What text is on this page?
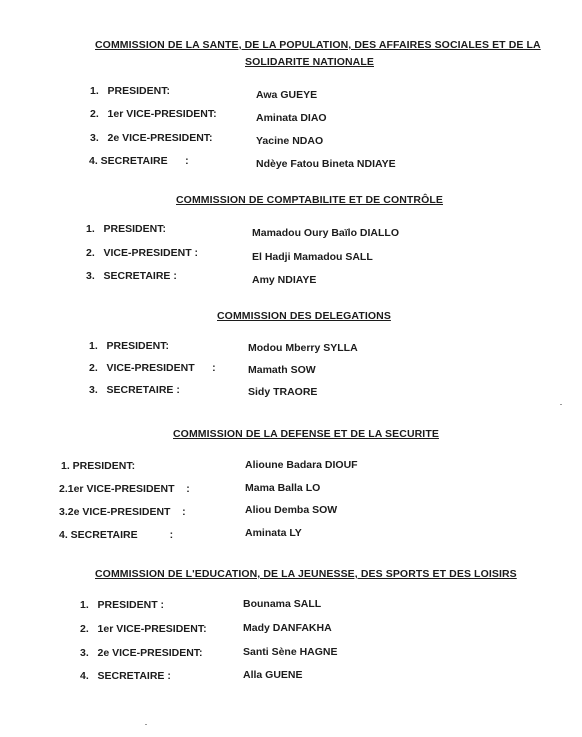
COMMISSION DE LA SANTE, DE LA POPULATION, DES AFFAIRES SOCIALES ET DE LA
SOLIDARITE NATIONALE
1.   PRESIDENT:	Awa GUEYE
2.   1er VICE-PRESIDENT:	Aminata DIAO
3.   2e VICE-PRESIDENT:	Yacine NDAO
4. SECRETAIRE      :	Ndèye Fatou Bineta NDIAYE
COMMISSION DE COMPTABILITE ET DE CONTRÔLE
1.   PRESIDENT:	Mamadou Oury Baïlo DIALLO
2.   VICE-PRESIDENT :	El Hadji Mamadou SALL
3.   SECRETAIRE :	Amy NDIAYE
COMMISSION DES DELEGATIONS
1.   PRESIDENT:	Modou Mberry SYLLA
2.   VICE-PRESIDENT      :	Mamath SOW
3.   SECRETAIRE :	Sidy TRAORE
COMMISSION DE LA DEFENSE ET DE LA SECURITE
1. PRESIDENT:	Alioune Badara DIOUF
2.1er VICE-PRESIDENT    :	Mama Balla LO
3.2e VICE-PRESIDENT    :	Aliou Demba SOW
4. SECRETAIRE           :	Aminata LY
COMMISSION DE L'EDUCATION, DE LA JEUNESSE, DES SPORTS ET DES LOISIRS
1.   PRESIDENT :	Bounama SALL
2.   1er VICE-PRESIDENT:	Mady DANFAKHA
3.   2e VICE-PRESIDENT:	Santi Sène HAGNE
4.   SECRETAIRE :	Alla GUENE
